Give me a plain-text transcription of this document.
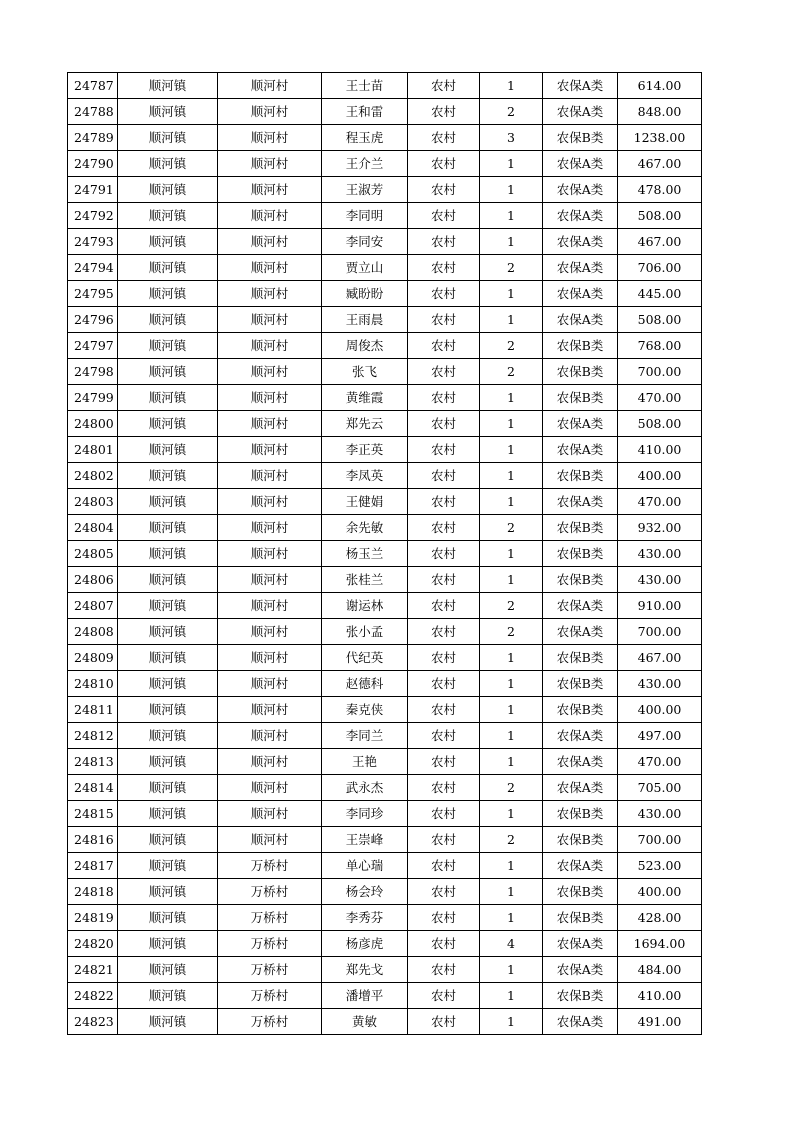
24787	顺河镇	顺河村	王士苗	农村	1	农保A类	614.00
24788	顺河镇	顺河村	王和雷	农村	2	农保A类	848.00
24789	顺河镇	顺河村	程玉虎	农村	3	农保B类	1238.00
24790	顺河镇	顺河村	王介兰	农村	1	农保A类	467.00
24791	顺河镇	顺河村	王淑芳	农村	1	农保A类	478.00
24792	顺河镇	顺河村	李同明	农村	1	农保A类	508.00
24793	顺河镇	顺河村	李同安	农村	1	农保A类	467.00
24794	顺河镇	顺河村	贾立山	农村	2	农保A类	706.00
24795	顺河镇	顺河村	臧盼盼	农村	1	农保A类	445.00
24796	顺河镇	顺河村	王雨晨	农村	1	农保A类	508.00
24797	顺河镇	顺河村	周俊杰	农村	2	农保B类	768.00
24798	顺河镇	顺河村	张飞	农村	2	农保B类	700.00
24799	顺河镇	顺河村	黄维霞	农村	1	农保B类	470.00
24800	顺河镇	顺河村	郑先云	农村	1	农保A类	508.00
24801	顺河镇	顺河村	李正英	农村	1	农保A类	410.00
24802	顺河镇	顺河村	李凤英	农村	1	农保B类	400.00
24803	顺河镇	顺河村	王健娟	农村	1	农保A类	470.00
24804	顺河镇	顺河村	余先敏	农村	2	农保B类	932.00
24805	顺河镇	顺河村	杨玉兰	农村	1	农保B类	430.00
24806	顺河镇	顺河村	张桂兰	农村	1	农保B类	430.00
24807	顺河镇	顺河村	谢运林	农村	2	农保A类	910.00
24808	顺河镇	顺河村	张小孟	农村	2	农保A类	700.00
24809	顺河镇	顺河村	代纪英	农村	1	农保B类	467.00
24810	顺河镇	顺河村	赵德科	农村	1	农保B类	430.00
24811	顺河镇	顺河村	秦克侠	农村	1	农保B类	400.00
24812	顺河镇	顺河村	李同兰	农村	1	农保A类	497.00
24813	顺河镇	顺河村	王艳	农村	1	农保A类	470.00
24814	顺河镇	顺河村	武永杰	农村	2	农保A类	705.00
24815	顺河镇	顺河村	李同珍	农村	1	农保B类	430.00
24816	顺河镇	顺河村	王崇峰	农村	2	农保B类	700.00
24817	顺河镇	万桥村	单心瑞	农村	1	农保A类	523.00
24818	顺河镇	万桥村	杨会玲	农村	1	农保B类	400.00
24819	顺河镇	万桥村	李秀芬	农村	1	农保B类	428.00
24820	顺河镇	万桥村	杨彦虎	农村	4	农保A类	1694.00
24821	顺河镇	万桥村	郑先戈	农村	1	农保A类	484.00
24822	顺河镇	万桥村	潘增平	农村	1	农保B类	410.00
24823	顺河镇	万桥村	黄敏	农村	1	农保A类	491.00
